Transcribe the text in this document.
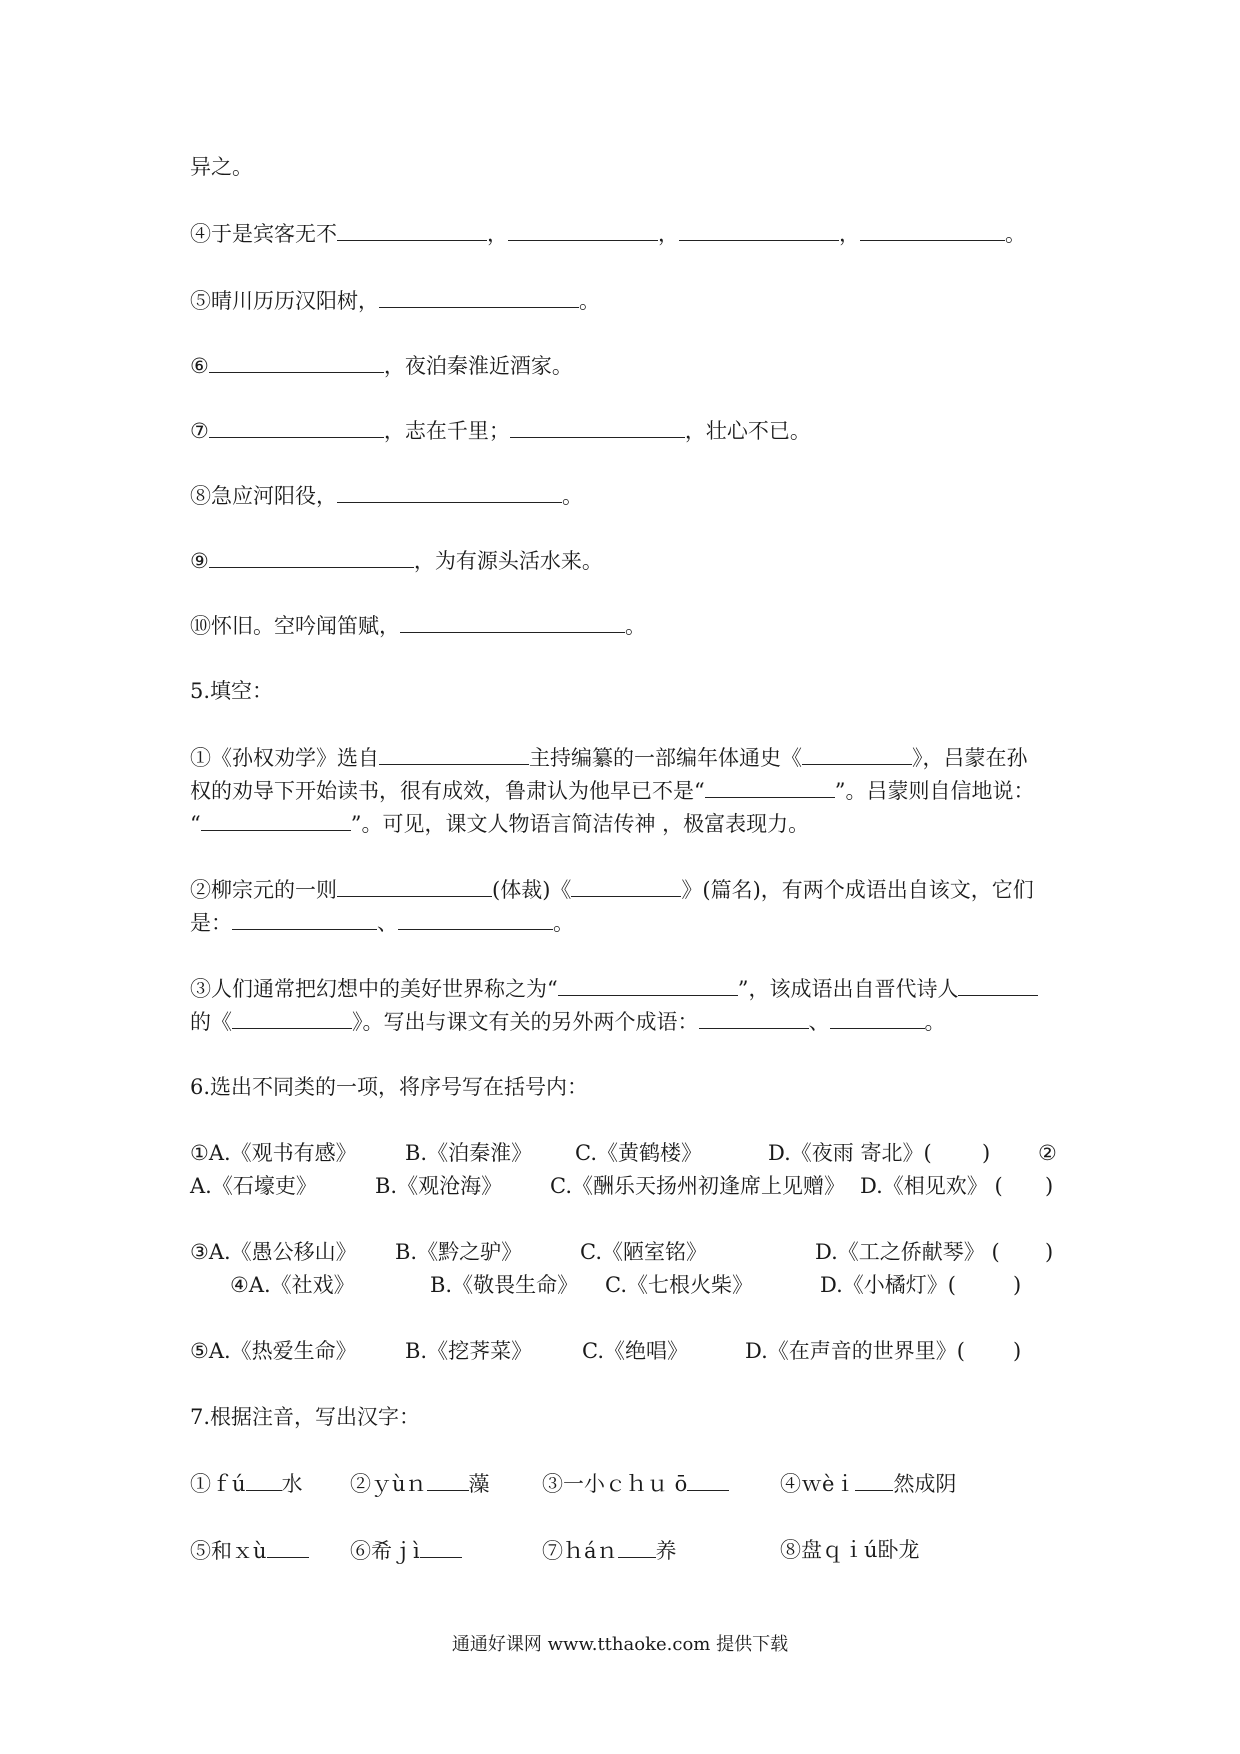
异之。
④于是宾客无不	，	，	，	。
⑤晴川历历汉阳树，	。
⑥	，夜泊秦淮近酒家。
⑦	，志在千里；	，壮心不已。
⑧急应河阳役，	。
⑨	，为有源头活水来。
⑩怀旧。空吟闻笛赋，	。
5.填空：
①《孙权劝学》选自	主持编纂的一部编年体通史《	》，吕蒙在孙
权的劝导下开始读书，很有成效，鲁肃认为他早已不是“	”。吕蒙则自信地说：
“	”。可见，课文人物语言简洁传神 ，极富表现力。
②柳宗元的一则	(体裁)《	》(篇名)，有两个成语出自该文，它们
是：	、	。
③人们通常把幻想中的美好世界称之为“	”，该成语出自晋代诗人
的《	》。写出与课文有关的另外两个成语：	、	。
6.选出不同类的一项，将序号写在括号内：
①A.《观书有感》 B.《泊秦淮》 C.《黄鹤楼》	D.《夜雨 寄北》( ) ②
A.《石壕吏》	B.《观沧海》 C.《酬乐天扬州初逢席上见赠》 D.《相见欢》 ( )
③A.《愚公移山》 B.《黔之驴》	C.《陋室铭》	D.《工之侨献琴》 ( )
④A.《社戏》	B.《敬畏生命》 C.《七根火柴》	D.《小橘灯》(	)
⑤A.《热爱生命》 B.《挖荠菜》 C.《绝唱》	D.《在声音的世界里》( )
7.根据注音，写出汉字：
①ｆú 水 ②ｙùｎ 藻 ③一小ｃｈｕ ō	④ｗèｉ 然成阴
⑤和ｘù	⑥希ｊì	⑦ｈáｎ 养	⑧盘ｑｉú卧龙
通通好课网 www.tthaoke.com 提供下载
